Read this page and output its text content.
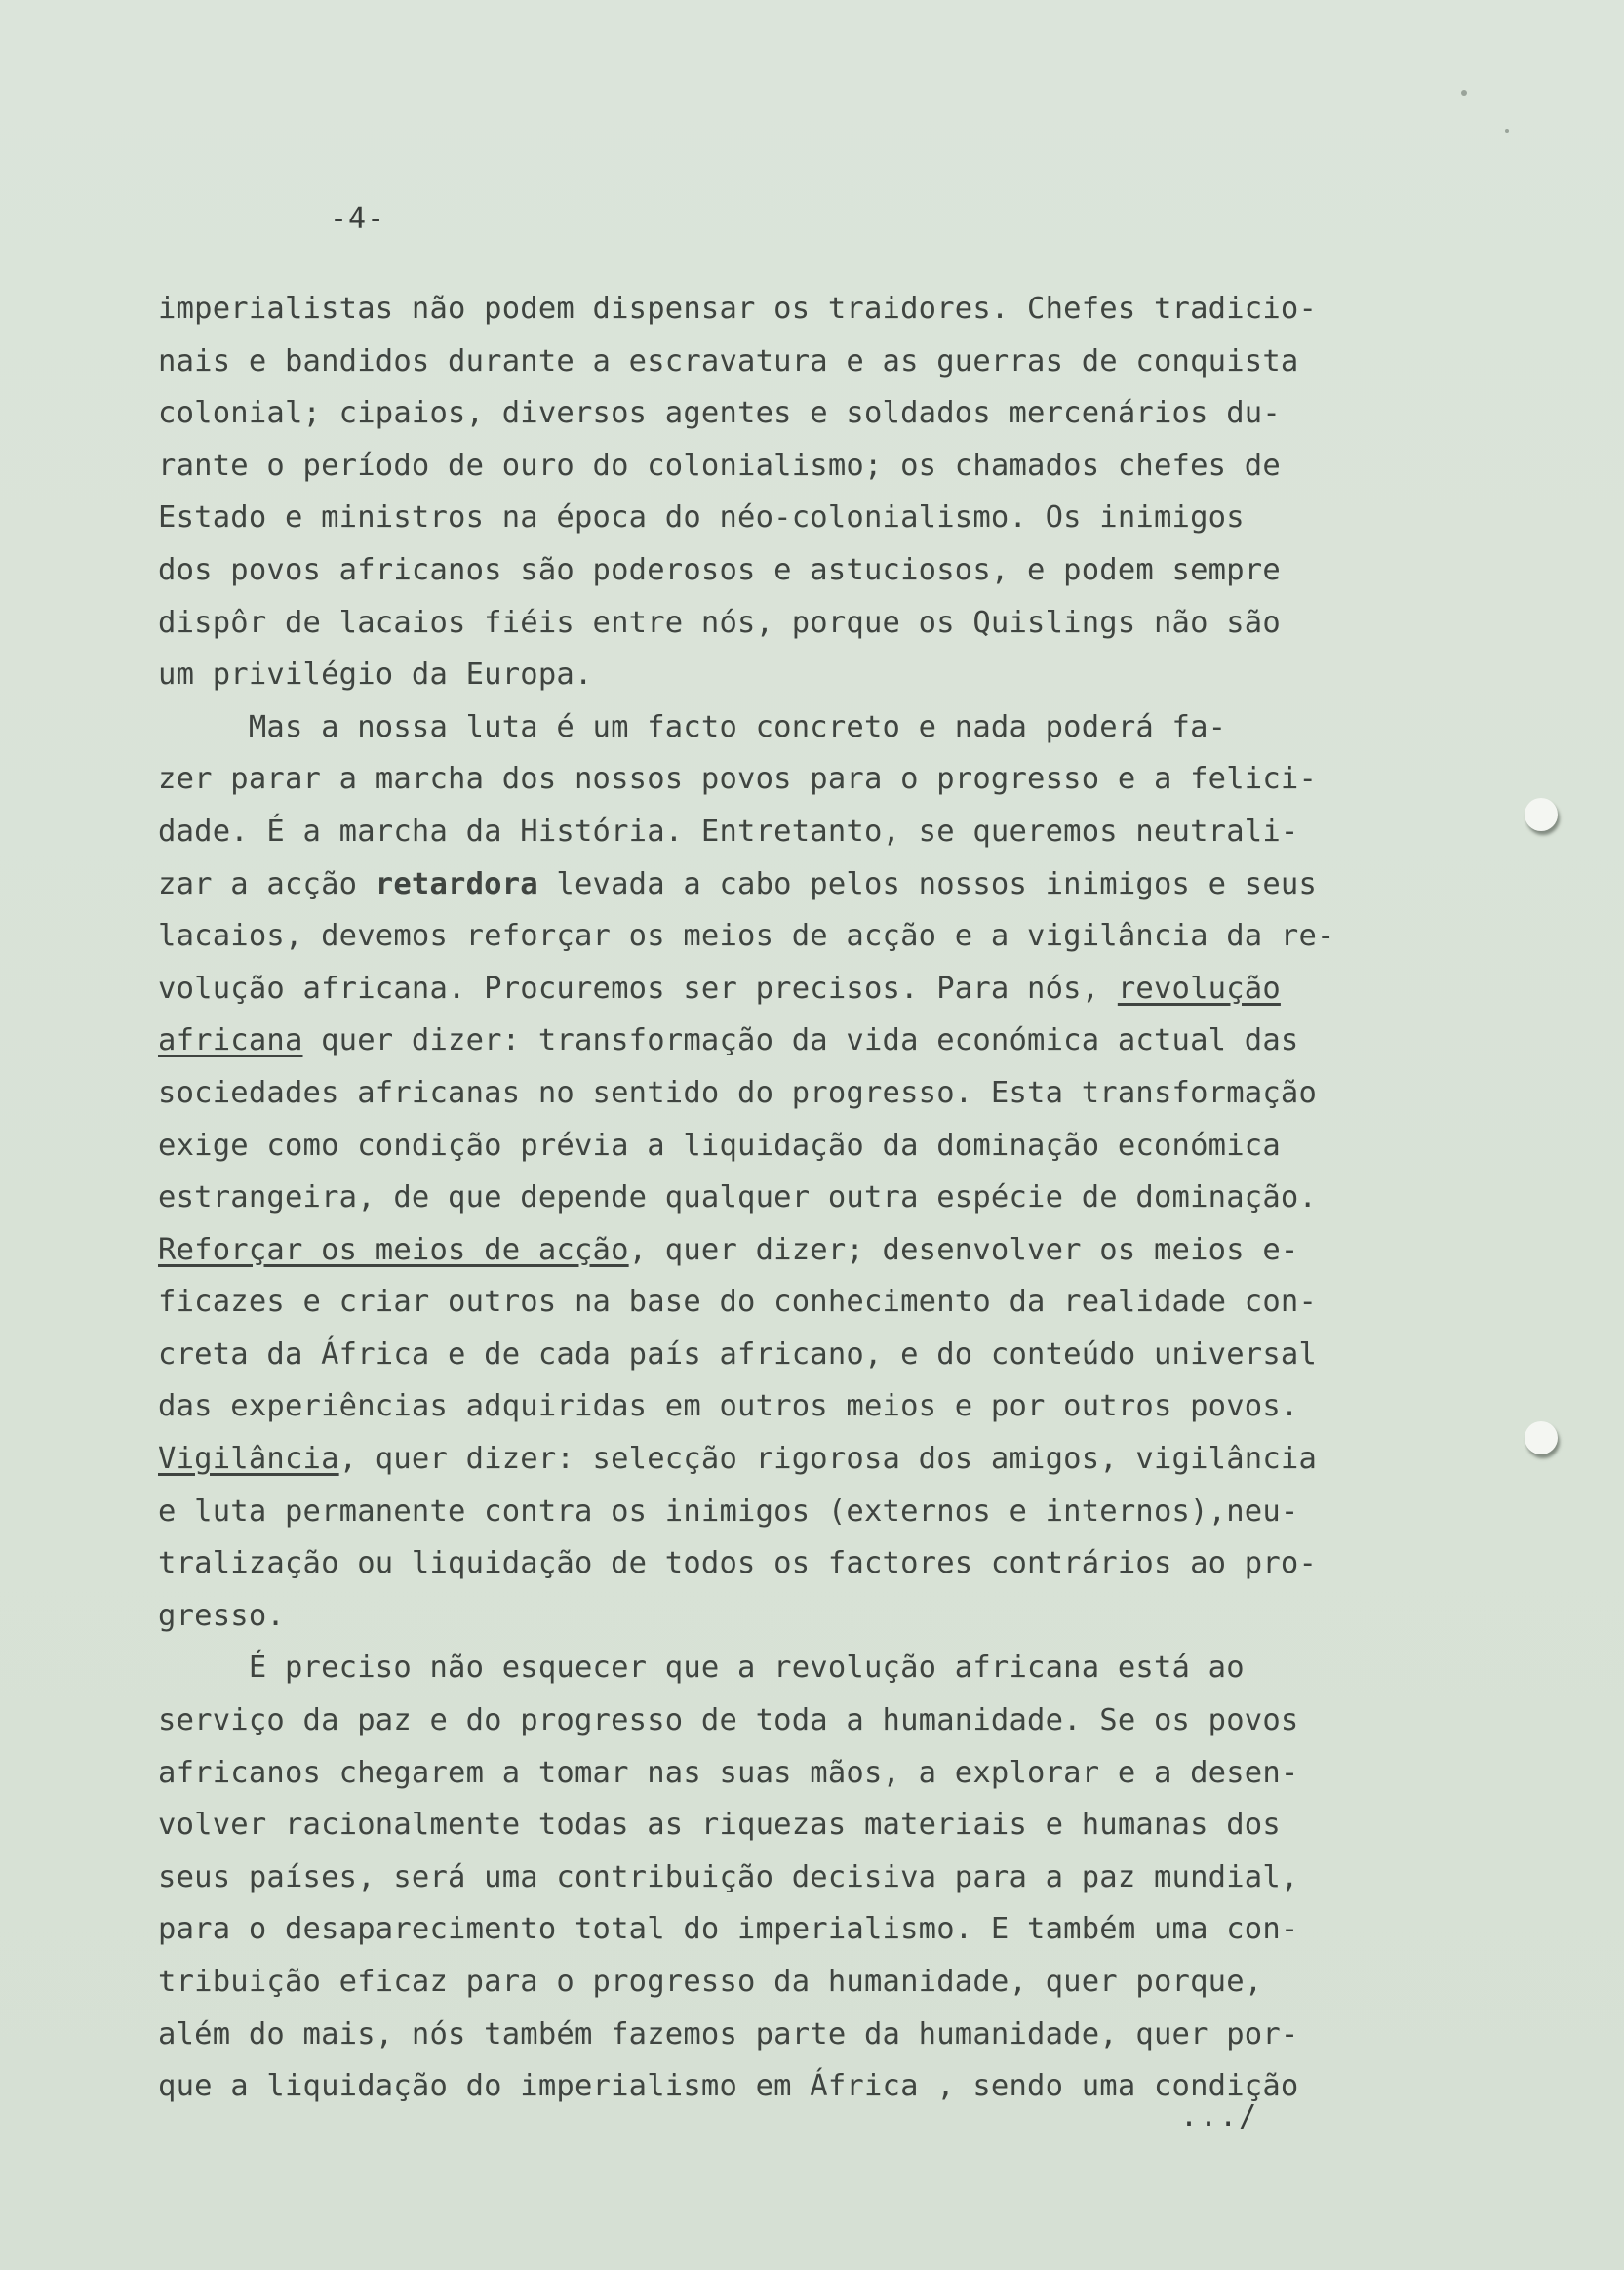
-4-
imperialistas não podem dispensar os traidores. Chefes tradicio-
nais e bandidos durante a escravatura e as guerras de conquista
colonial; cipaios, diversos agentes e soldados mercenários du-
rante o período de ouro do colonialismo; os chamados chefes de
Estado e ministros na época do néo-colonialismo. Os inimigos
dos povos africanos são poderosos e astuciosos, e podem sempre
dispôr de lacaios fiéis entre nós, porque os Quislings não são
um privilégio da Europa.
Mas a nossa luta é um facto concreto e nada poderá fa-
zer parar a marcha dos nossos povos para o progresso e a felici-
dade. É a marcha da História. Entretanto, se queremos neutrali-
zar a acção retardora levada a cabo pelos nossos inimigos e seus
lacaios, devemos reforçar os meios de acção e a vigilância da re-
volução africana. Procuremos ser precisos. Para nós, revolução
africana quer dizer: transformação da vida económica actual das
sociedades africanas no sentido do progresso. Esta transformação
exige como condição prévia a liquidação da dominação económica
estrangeira, de que depende qualquer outra espécie de dominação.
Reforçar os meios de acção, quer dizer; desenvolver os meios e-
ficazes e criar outros na base do conhecimento da realidade con-
creta da África e de cada país africano, e do conteúdo universal
das experiências adquiridas em outros meios e por outros povos.
Vigilância, quer dizer: selecção rigorosa dos amigos, vigilância
e luta permanente contra os inimigos (externos e internos),neu-
tralização ou liquidação de todos os factores contrários ao pro-
gresso.
É preciso não esquecer que a revolução africana está ao
serviço da paz e do progresso de toda a humanidade. Se os povos
africanos chegarem a tomar nas suas mãos, a explorar e a desen-
volver racionalmente todas as riquezas materiais e humanas dos
seus países, será uma contribuição decisiva para a paz mundial,
para o desaparecimento total do imperialismo. E também uma con-
tribuição eficaz para o progresso da humanidade, quer porque,
além do mais, nós também fazemos parte da humanidade, quer por-
que a liquidação do imperialismo em África , sendo uma condição
.../
